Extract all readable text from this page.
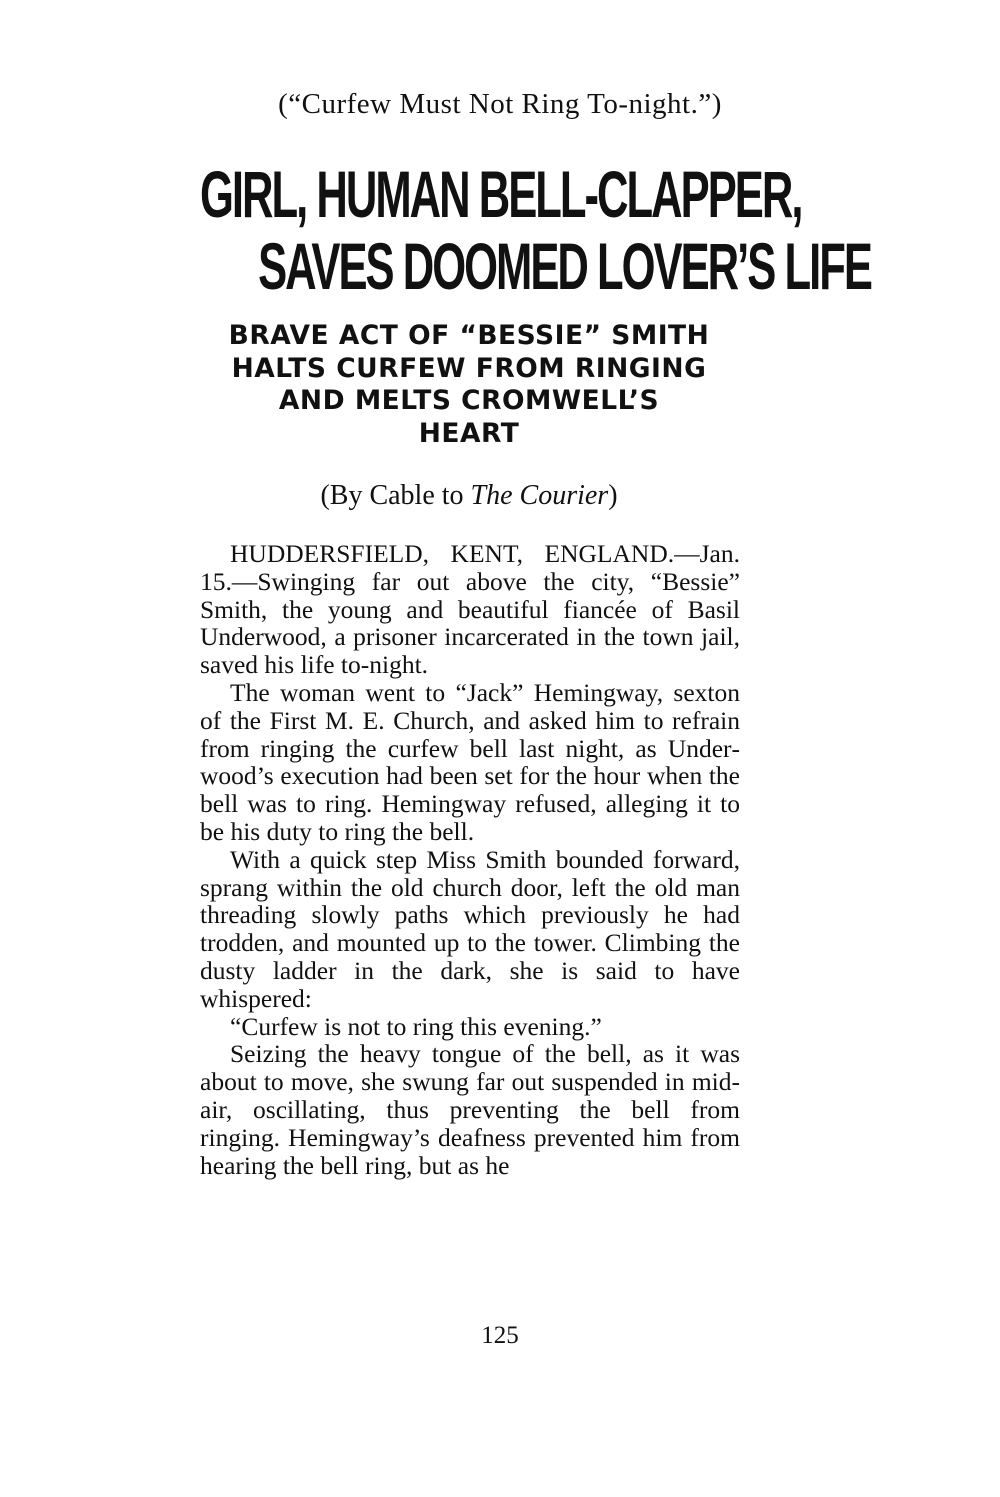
(“Curfew Must Not Ring To-night.”)
GIRL, HUMAN BELL-CLAPPER,
SAVES DOOMED LOVER’S LIFE
BRAVE ACT OF “BESSIE” SMITH
HALTS CURFEW FROM RINGING
AND MELTS CROMWELL’S
HEART
(By Cable to The Courier)

HUDDERSFIELD, KENT, ENGLAND.—Jan. 15.—Swinging far out above the city, “Bessie” Smith, the young and beautiful fiancée of Basil Underwood, a prisoner incarcerated in the town jail, saved his life to-night.

The woman went to “Jack” Hemingway, sexton of the First M. E. Church, and asked him to refrain from ringing the curfew bell last night, as Underwood’s execution had been set for the hour when the bell was to ring. Hemingway refused, alleging it to be his duty to ring the bell.

With a quick step Miss Smith bounded forward, sprang within the old church door, left the old man threading slowly paths which previously he had trodden, and mounted up to the tower. Climbing the dusty ladder in the dark, she is said to have whispered:

“Curfew is not to ring this evening.”

Seizing the heavy tongue of the bell, as it was about to move, she swung far out suspended in mid-air, oscillating, thus preventing the bell from ringing. Hemingway’s deafness prevented him from hearing the bell ring, but as he

125
